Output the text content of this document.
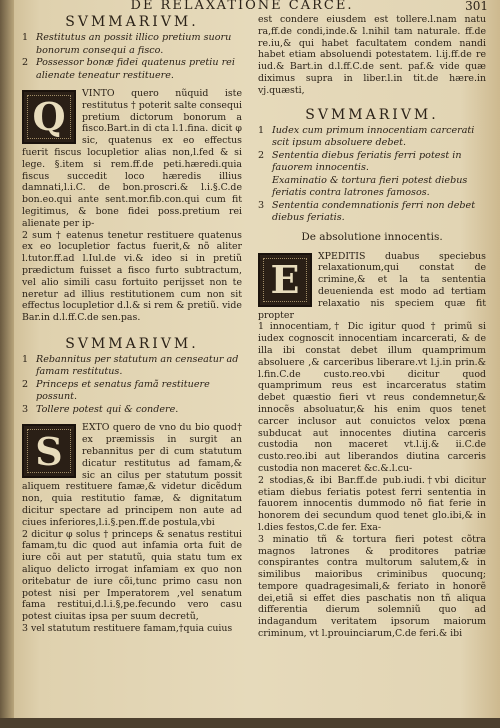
DE RELAXATIONE CARCE.	301
SVMMARIVM.
1 Restitutus an possit illico pretium suoru bonorum consequi a fisco.
2 Possessor bonæ fidei quatenus pretiu rei alienate teneatur restituere.
Q

VINTO quero nũquid iste restitutus † poterit salte consequi pretium dictorum bonorum a fisco.Bart.in di cta l.1.fina. dicit φ sic, quatenus ex eo effectus fuerit fiscus locupletior alias non,l.fed & si lege. §.item si rem.ff.de peti.hæredi.quia fiscus succedit loco hæredis illius damnati,l.i.C. de bon.proscri.& l.i.§.C.de bon.eo.qui ante sent.mor.fib.con.qui cum fit legitimus, & bone fidei poss.pretium rei alienate per ip-

2 sum † eatenus tenetur restituere quatenus ex eo locupletior factus fuerit,& nõ aliter l.tutor.ff.ad l.Iul.de vi.& ideo si in pretiũ prædictum fuisset a fisco furto subtractum, vel alio simili casu fortuito perijsset non te neretur ad illius restitutionem cum non sit effectus locupletior d.l.& si rem & pretiũ. vide Bar.in d.l.ff.C.de sen.pas.

SVMMARIVM.
1 Rebannitus per statutum an censeatur ad famam restitutus.
2 Princeps et senatus famã restituere possunt.
3 Tollere potest qui & condere.
S

EXTO quero de vno du bio quod† ex præmissis in surgit an rebannitus per di cum statutum dicatur restitutus ad famam,& sic an cilus per statutum possit aliquem restituere famæ,& videtur dicẽdum non, quia restitutio famæ, & dignitatum dicitur spectare ad principem non aute ad ciues inferiores,l.i.§.pen.ff.de postula,vbi

2 dicitur φ solus † princeps & senatus restitui famam,tu dic quod aut infamia orta fuit de iure cõi aut per statutũ, quia statu tum ex aliquo delicto irrogat infamiam ex quo non oritebatur de iure cõi,tunc primo casu non potest nisi per Imperatorem ,vel senatum fama restitui,d.l.i.§,pe.fecundo vero casu potest ciuitas ipsa per suum decretũ,

3 vel statutum restituere famam,†quia cuius

est condere eiusdem est tollere.l.nam natu ra,ff.de condi,inde.& l.nihil tam naturale. ff.de re.iu,& qui habet facultatem condem nandi habet etiam absoluendi potestatem. l.ij.ff.de re iud.& Bart.in d.l.ff.C.de sent. paf.& vide quæ diximus supra in liber.l.in tit.de hære.in vj.quæsti,

SVMMARIVM.
1 Iudex cum primum innocentiam carcerati scit ipsum absoluere debet.
2 Sententia diebus feriatis ferri potest in fauorem innocentis.
Examinatio & tortura fieri potest diebus feriatis contra latrones famosos.
3 Sententia condemnationis ferri non debet diebus feriatis.
De absolutione innocentis.
E

XPEDITIS duabus speciebus relaxationum,qui constat de crimine,& et la ta sententia deuenienda est modo ad tertiam relaxatio nis speciem quæ fit propter

1 innocentiam,† Dic igitur quod † primũ si iudex cognoscit innocentiam incarcerati, & de illa ibi constat debet illum quamprimum absoluere ,& carceribus liberare.vt l.j.in prin.& l.fin.C.de custo.reo.vbi dicitur quod quamprimum reus est incarceratus statim debet quæstio fieri vt reus condemnetur,& innocẽs absoluatur,& his enim quos tenet carcer inclusor aut conuictos velox pœna subducat aut innocentes diutina carceris custodia non maceret vt.l.ij.& ii.C.de custo.reo.ibi aut liberandos diutina carceris custodia non maceret &c.&.l.cu-

2 stodias,& ibi Bar.ff.de pub.iudi.†vbi dicitur etiam diebus feriatis potest ferri sententia in fauorem innocentis dummodo nõ fiat ferie in honorem dei secundum quod tenet glo.ibi,& in l.dies festos,C.de fer. Exa-

3 minatio tñ & tortura fieri potest cõtra magnos latrones & proditores patriæ conspirantes contra multorum salutem,& in similibus maioribus criminibus quocunq; tempore quadragesimali,& feriato in honorẽ dei,etiã si effet dies paschatis non tñ aliqua differentia dierum solemniũ quo ad indagandum veritatem ipsorum maiorum criminum, vt l.prouinciarum,C.de feri.& ibi
